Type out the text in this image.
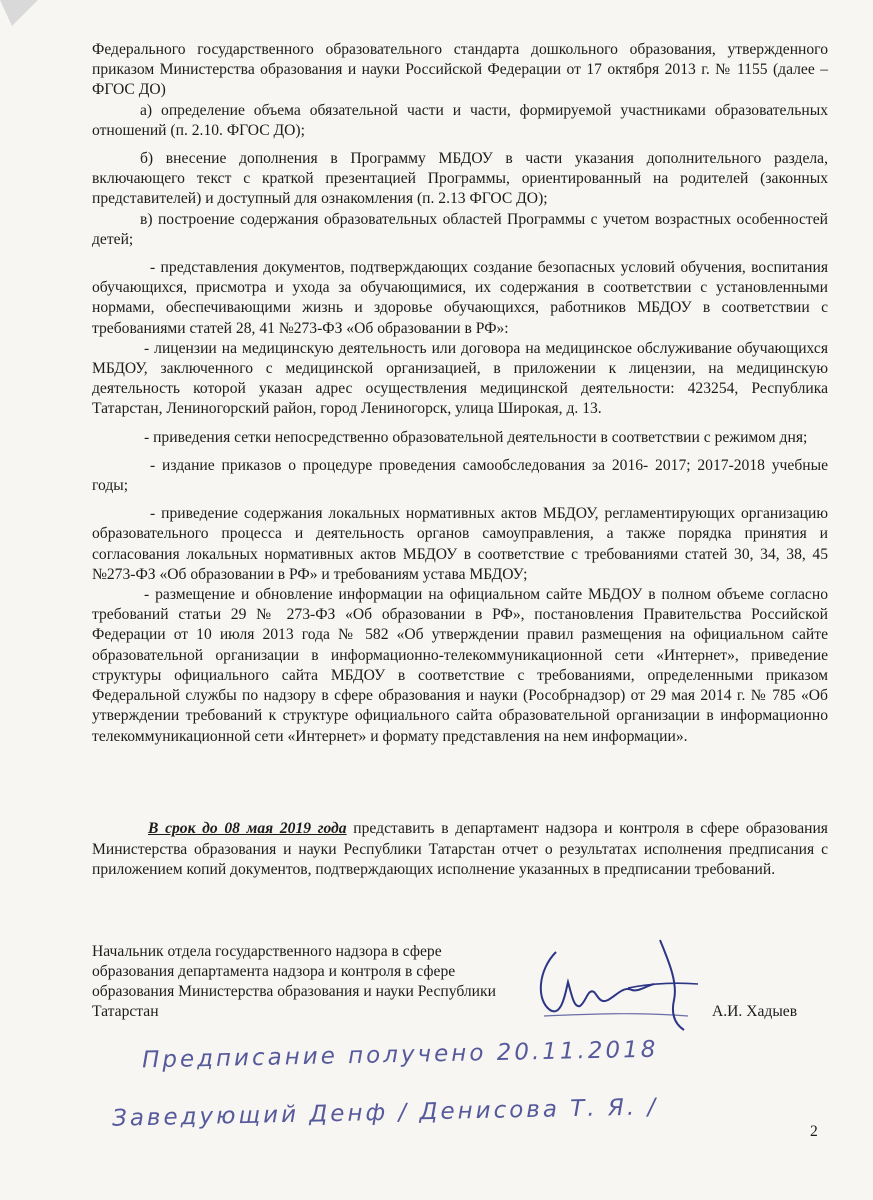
Федерального государственного образовательного стандарта дошкольного образования, утвержденного приказом Министерства образования и науки Российской Федерации от 17 октября 2013 г. № 1155 (далее – ФГОС ДО)

а) определение объема обязательной части и части, формируемой участниками образовательных отношений (п. 2.10. ФГОС ДО);

б) внесение дополнения в Программу МБДОУ в части указания дополнительного раздела, включающего текст с краткой презентацией Программы, ориентированный на родителей (законных представителей) и доступный для ознакомления (п. 2.13 ФГОС ДО);

в) построение содержания образовательных областей Программы с учетом возрастных особенностей детей;

- представления документов, подтверждающих создание безопасных условий обучения, воспитания обучающихся, присмотра и ухода за обучающимися, их содержания в соответствии с установленными нормами, обеспечивающими жизнь и здоровье обучающихся, работников МБДОУ в соответствии с требованиями статей 28, 41 №273-ФЗ «Об образовании в РФ»:

- лицензии на медицинскую деятельность или договора на медицинское обслуживание обучающихся МБДОУ, заключенного с медицинской организацией, в приложении к лицензии, на медицинскую деятельность которой указан адрес осуществления медицинской деятельности: 423254, Республика Татарстан, Лениногорский район, город Лениногорск, улица Широкая, д. 13.

- приведения сетки непосредственно образовательной деятельности в соответствии с режимом дня;

- издание приказов о процедуре проведения самообследования за 2016- 2017; 2017-2018 учебные годы;

- приведение содержания локальных нормативных актов МБДОУ, регламентирующих организацию образовательного процесса и деятельность органов самоуправления, а также порядка принятия и согласования локальных нормативных актов МБДОУ в соответствие с требованиями статей 30, 34, 38, 45 №273-ФЗ «Об образовании в РФ» и требованиям устава МБДОУ;

- размещение и обновление информации на официальном сайте МБДОУ в полном объеме согласно требований статьи 29 № 273-ФЗ «Об образовании в РФ», постановления Правительства Российской Федерации от 10 июля 2013 года № 582 «Об утверждении правил размещения на официальном сайте образовательной организации в информационно-телекоммуникационной сети «Интернет», приведение структуры официального сайта МБДОУ в соответствие с требованиями, определенными приказом Федеральной службы по надзору в сфере образования и науки (Рособрнадзор) от 29 мая 2014 г. № 785 «Об утверждении требований к структуре официального сайта образовательной организации в информационно телекоммуникационной сети «Интернет» и формату представления на нем информации».

В срок до 08 мая 2019 года представить в департамент надзора и контроля в сфере образования Министерства образования и науки Республики Татарстан отчет о результатах исполнения предписания с приложением копий документов, подтверждающих исполнение указанных в предписании требований.

Начальник отдела государственного надзора в сфере образования департамента надзора и контроля в сфере образования Министерства образования и науки Республики Татарстан	А.И. Хадыев

Предписание получено 20.11.2018

Заведующий Денф / Денисова Т. Я. /	2
